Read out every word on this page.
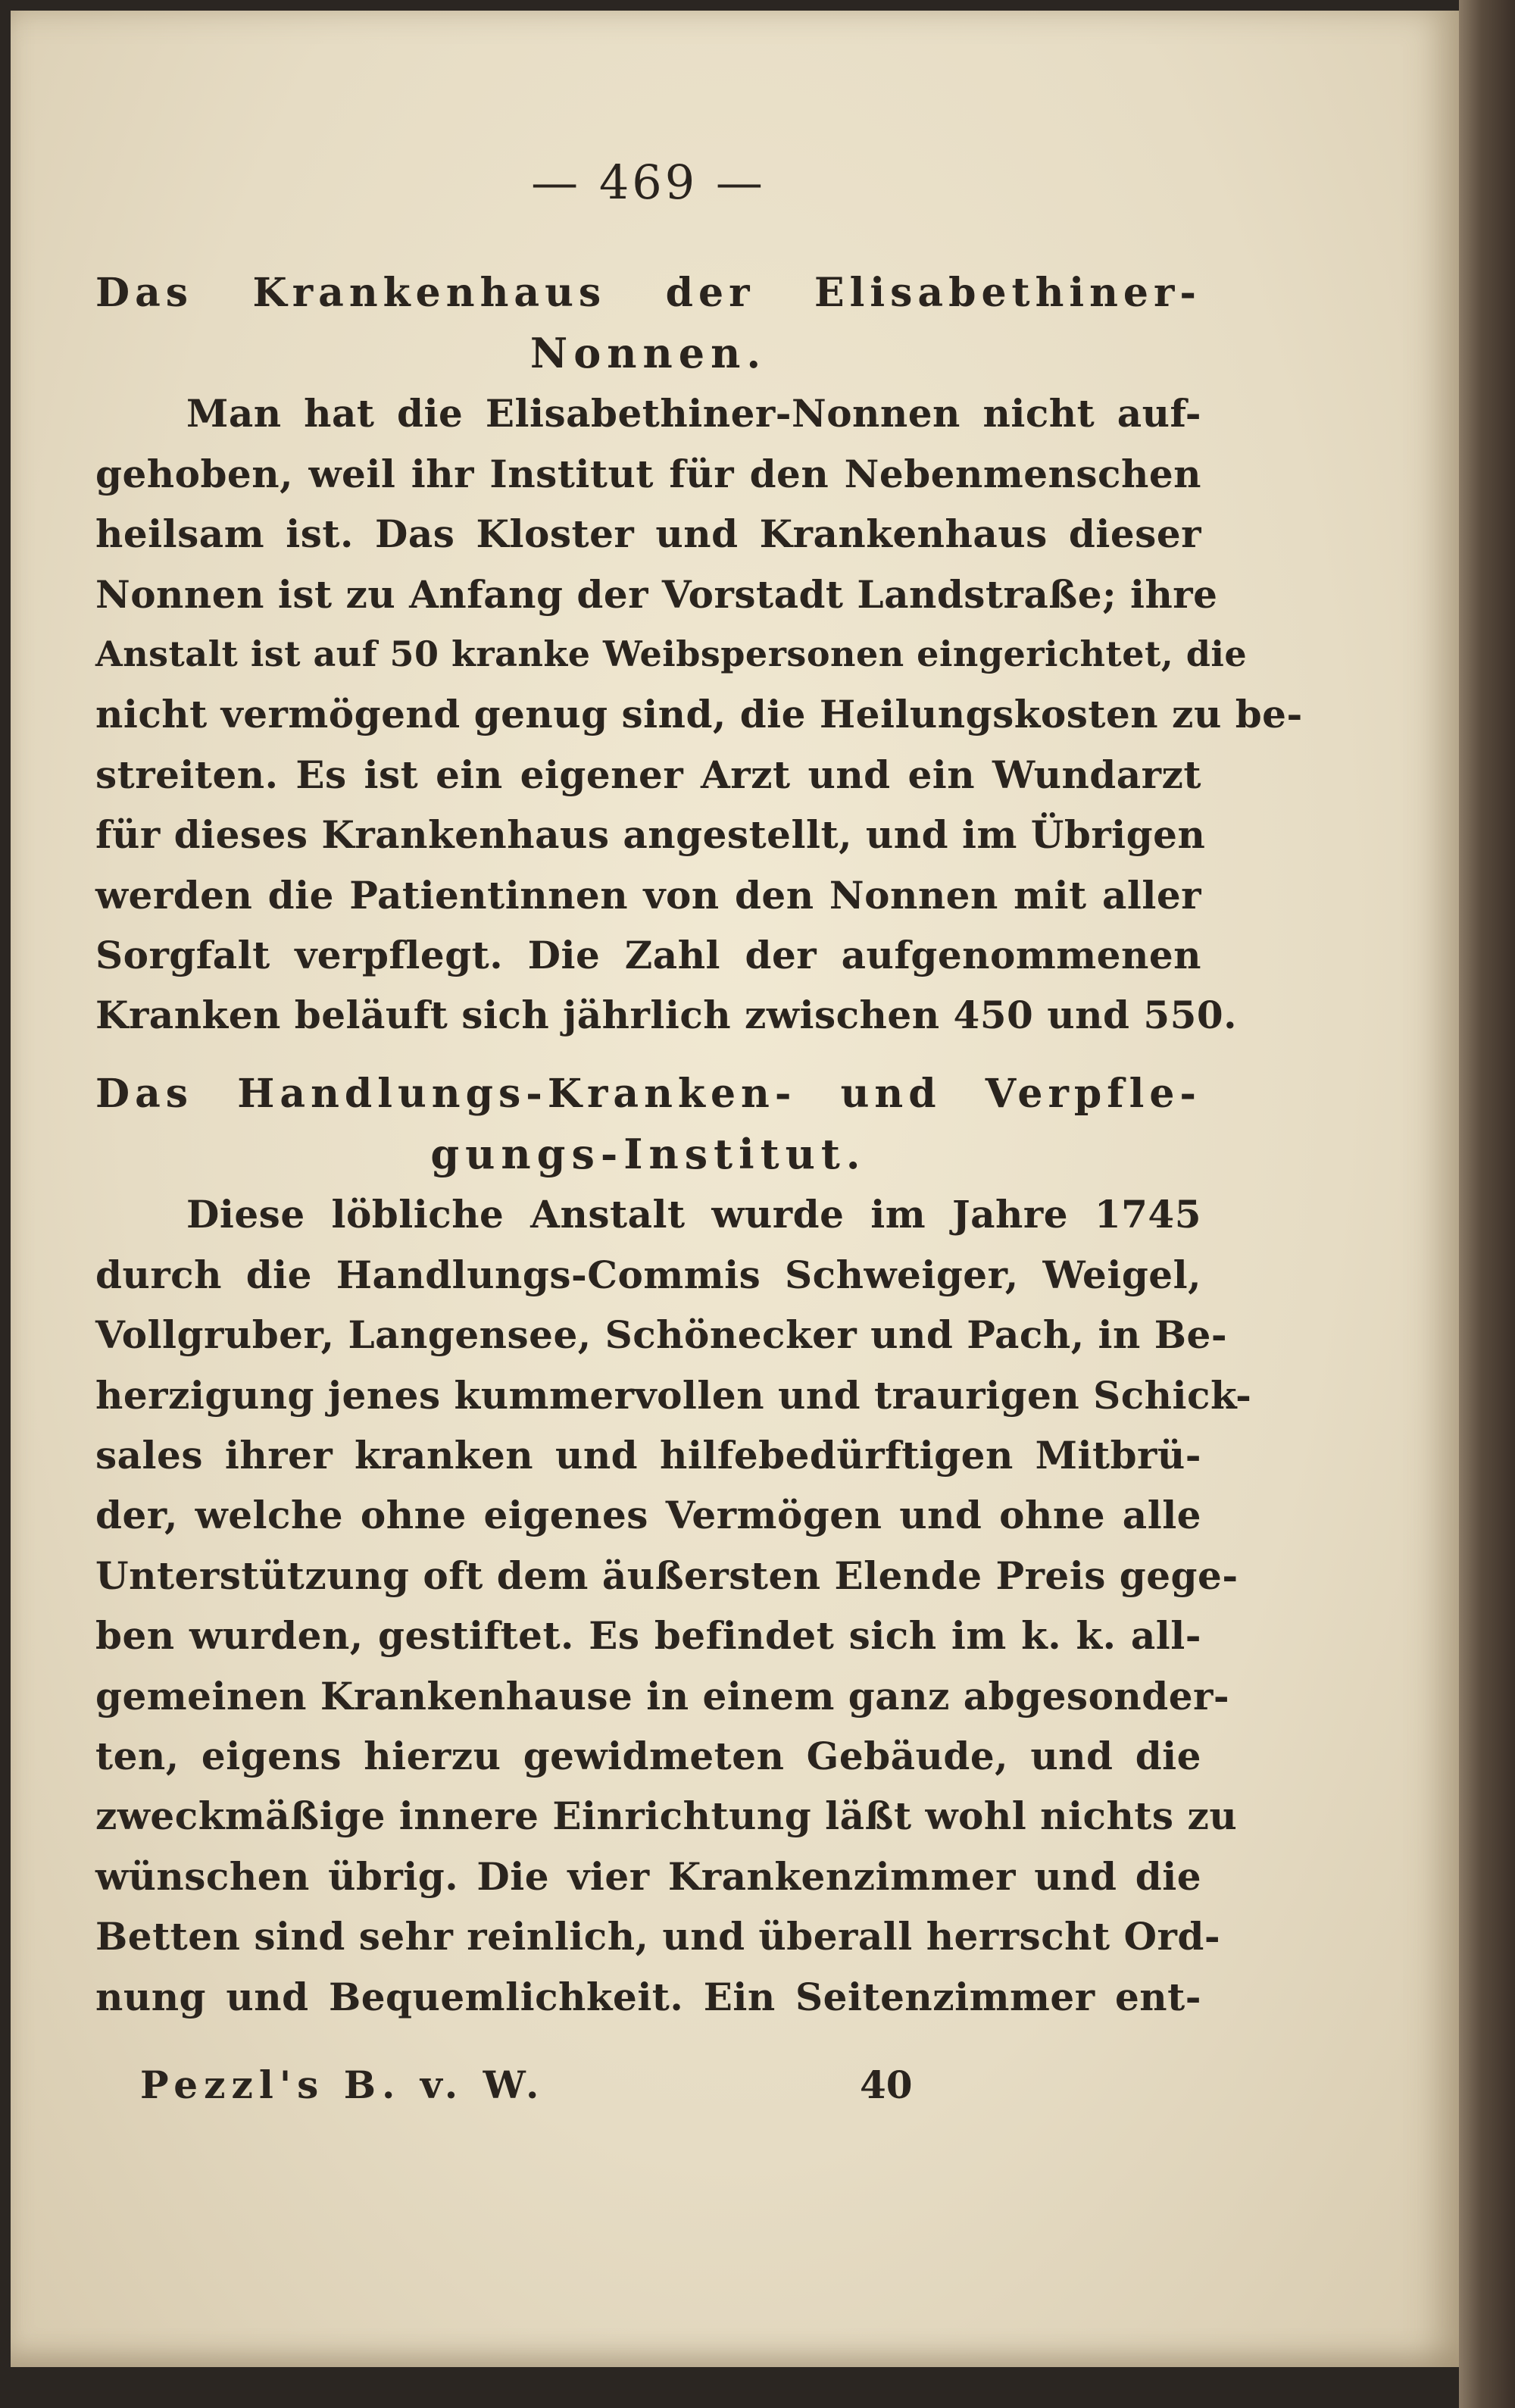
— 469 —
Das Krankenhaus der Elisabethiner-
Nonnen.
Man hat die Elisabethiner-Nonnen nicht auf-
gehoben, weil ihr Institut für den Nebenmenschen
heilsam ist. Das Kloster und Krankenhaus dieser
Nonnen ist zu Anfang der Vorstadt Landstraße; ihre
Anstalt ist auf 50 kranke Weibspersonen eingerichtet, die
nicht vermögend genug sind, die Heilungskosten zu be-
streiten. Es ist ein eigener Arzt und ein Wundarzt
für dieses Krankenhaus angestellt, und im Übrigen
werden die Patientinnen von den Nonnen mit aller
Sorgfalt verpflegt. Die Zahl der aufgenommenen
Kranken beläuft sich jährlich zwischen 450 und 550.
Das Handlungs-Kranken- und Verpfle-
gungs-Institut.
Diese löbliche Anstalt wurde im Jahre 1745
durch die Handlungs-Commis Schweiger, Weigel,
Vollgruber, Langensee, Schönecker und Pach, in Be-
herzigung jenes kummervollen und traurigen Schick-
sales ihrer kranken und hilfebedürftigen Mitbrü-
der, welche ohne eigenes Vermögen und ohne alle
Unterstützung oft dem äußersten Elende Preis gege-
ben wurden, gestiftet. Es befindet sich im k. k. all-
gemeinen Krankenhause in einem ganz abgesonder-
ten, eigens hierzu gewidmeten Gebäude, und die
zweckmäßige innere Einrichtung läßt wohl nichts zu
wünschen übrig. Die vier Krankenzimmer und die
Betten sind sehr reinlich, und überall herrscht Ord-
nung und Bequemlichkeit. Ein Seitenzimmer ent-
Pezzl's B. v. W.	40
